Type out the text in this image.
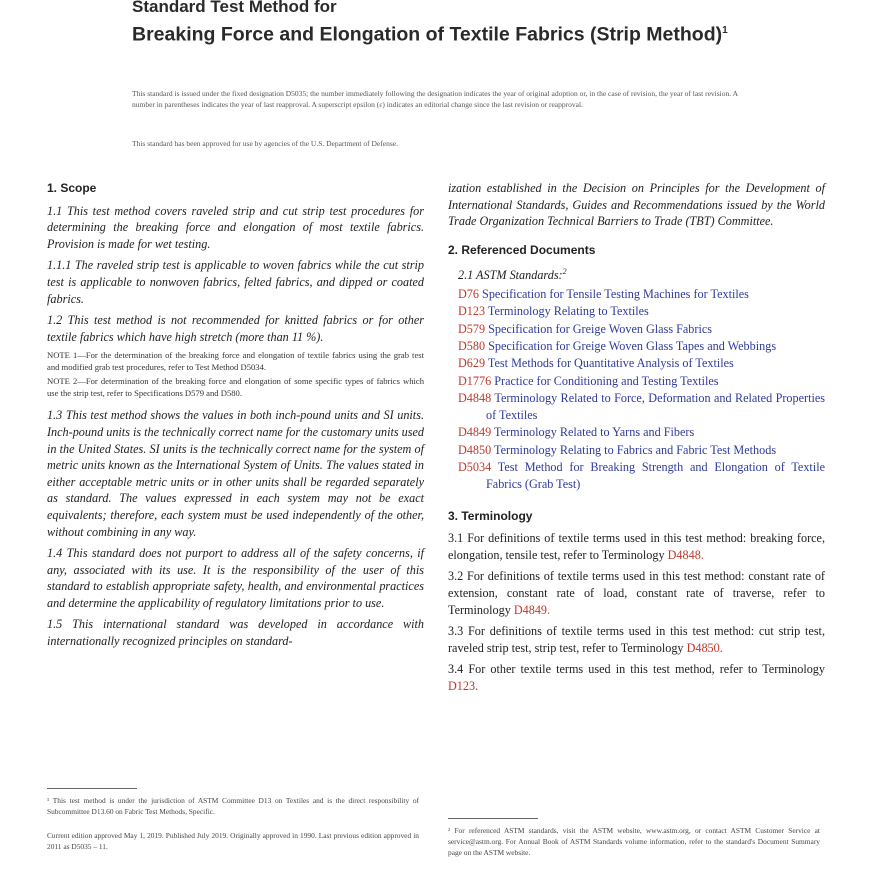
Standard Test Method for
Breaking Force and Elongation of Textile Fabrics (Strip Method)$^1$
This standard is issued under the fixed designation D5035; the number immediately following the designation indicates the year of original adoption or, in the case of revision, the year of last revision. A number in parentheses indicates the year of last reapproval. A superscript epsilon (ε) indicates an editorial change since the last revision or reapproval.
This standard has been approved for use by agencies of the U.S. Department of Defense.
1. Scope

1.1 This test method covers raveled strip and cut strip test procedures for determining the breaking force and elongation of most textile fabrics. Provision is made for wet testing.

1.1.1 The raveled strip test is applicable to woven fabrics while the cut strip test is applicable to nonwoven fabrics, felted fabrics, and dipped or coated fabrics.

1.2 This test method is not recommended for knitted fabrics or for other textile fabrics which have high stretch (more than 11 %).

NOTE 1—For the determination of the breaking force and elongation of textile fabrics using the grab test and modified grab test procedures, refer to Test Method D5034.

NOTE 2—For determination of the breaking force and elongation of some specific types of fabrics which use the strip test, refer to Specifications D579 and D580.

1.3 This test method shows the values in both inch-pound units and SI units. Inch-pound units is the technically correct name for the customary units used in the United States. SI units is the technically correct name for the system of metric units known as the International System of Units. The values stated in either acceptable metric units or in other units shall be regarded separately as standard. The values expressed in each system may not be exact equivalents; therefore, each system must be used independently of the other, without combining in any way.

1.4 This standard does not purport to address all of the safety concerns, if any, associated with its use. It is the responsibility of the user of this standard to establish appropriate safety, health, and environmental practices and determine the applicability of regulatory limitations prior to use.

1.5 This international standard was developed in accordance with internationally recognized principles on standard-

ization established in the Decision on Principles for the Development of International Standards, Guides and Recommendations issued by the World Trade Organization Technical Barriers to Trade (TBT) Committee.

2. Referenced Documents

2.1 ASTM Standards:$^2$

D76 Specification for Tensile Testing Machines for Textiles

D123 Terminology Relating to Textiles

D579 Specification for Greige Woven Glass Fabrics

D580 Specification for Greige Woven Glass Tapes and Webbings

D629 Test Methods for Quantitative Analysis of Textiles

D1776 Practice for Conditioning and Testing Textiles

D4848 Terminology Related to Force, Deformation and Related Properties of Textiles

D4849 Terminology Related to Yarns and Fibers

D4850 Terminology Relating to Fabrics and Fabric Test Methods

D5034 Test Method for Breaking Strength and Elongation of Textile Fabrics (Grab Test)

3. Terminology

3.1 For definitions of textile terms used in this test method: breaking force, elongation, tensile test, refer to Terminology D4848.

3.2 For definitions of textile terms used in this test method: constant rate of extension, constant rate of load, constant rate of traverse, refer to Terminology D4849.

3.3 For definitions of textile terms used in this test method: cut strip test, raveled strip test, strip test, refer to Terminology D4850.

3.4 For other textile terms used in this test method, refer to Terminology D123.

¹ This test method is under the jurisdiction of ASTM Committee D13 on Textiles and is the direct responsibility of Subcommittee D13.60 on Fabric Test Methods, Specific.
Current edition approved May 1, 2019. Published July 2019. Originally approved in 1990. Last previous edition approved in 2011 as D5035 – 11.
² For referenced ASTM standards, visit the ASTM website, www.astm.org, or contact ASTM Customer Service at service@astm.org. For Annual Book of ASTM Standards volume information, refer to the standard's Document Summary page on the ASTM website.
